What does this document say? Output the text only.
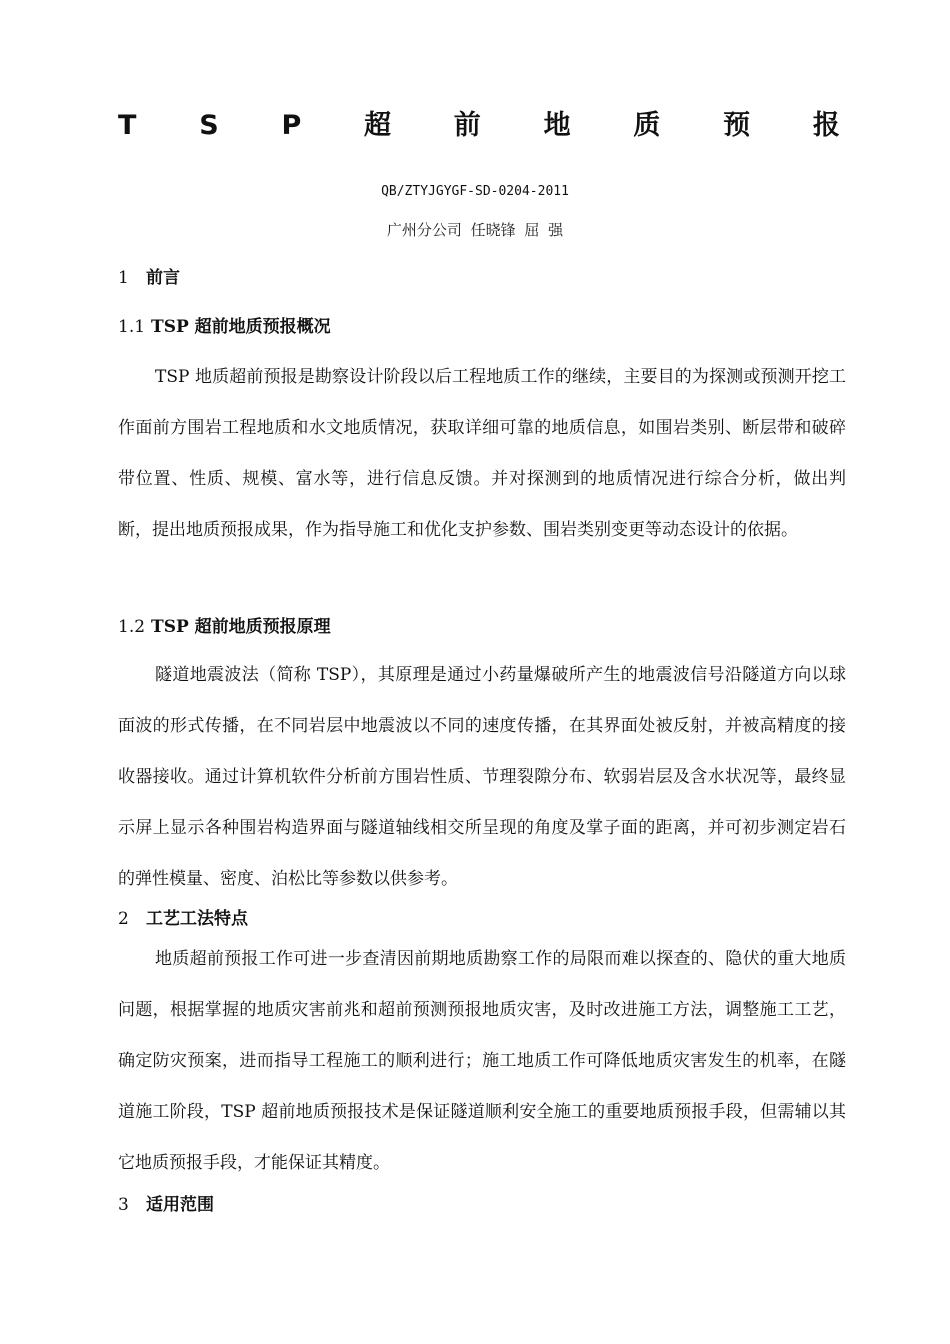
T S P 超 前 地 质 预 报
QB/ZTYJGYGF-SD-0204-2011
广州分公司 任晓锋 屈 强
1 前言
1.1 TSP 超前地质预报概况

TSP 地质超前预报是勘察设计阶段以后工程地质工作的继续，主要目的为探测或预测开挖工作面前方围岩工程地质和水文地质情况，获取详细可靠的地质信息，如围岩类别、断层带和破碎带位置、性质、规模、富水等，进行信息反馈。并对探测到的地质情况进行综合分析，做出判断，提出地质预报成果，作为指导施工和优化支护参数、围岩类别变更等动态设计的依据。

1.2 TSP 超前地质预报原理

隧道地震波法（简称 TSP），其原理是通过小药量爆破所产生的地震波信号沿隧道方向以球面波的形式传播，在不同岩层中地震波以不同的速度传播，在其界面处被反射，并被高精度的接收器接收。通过计算机软件分析前方围岩性质、节理裂隙分布、软弱岩层及含水状况等，最终显示屏上显示各种围岩构造界面与隧道轴线相交所呈现的角度及掌子面的距离，并可初步测定岩石的弹性模量、密度、泊松比等参数以供参考。

2 工艺工法特点

地质超前预报工作可进一步查清因前期地质勘察工作的局限而难以探查的、隐伏的重大地质问题，根据掌握的地质灾害前兆和超前预测预报地质灾害，及时改进施工方法，调整施工工艺，确定防灾预案，进而指导工程施工的顺利进行；施工地质工作可降低地质灾害发生的机率，在隧道施工阶段，TSP 超前地质预报技术是保证隧道顺利安全施工的重要地质预报手段，但需辅以其它地质预报手段，才能保证其精度。

3 适用范围
